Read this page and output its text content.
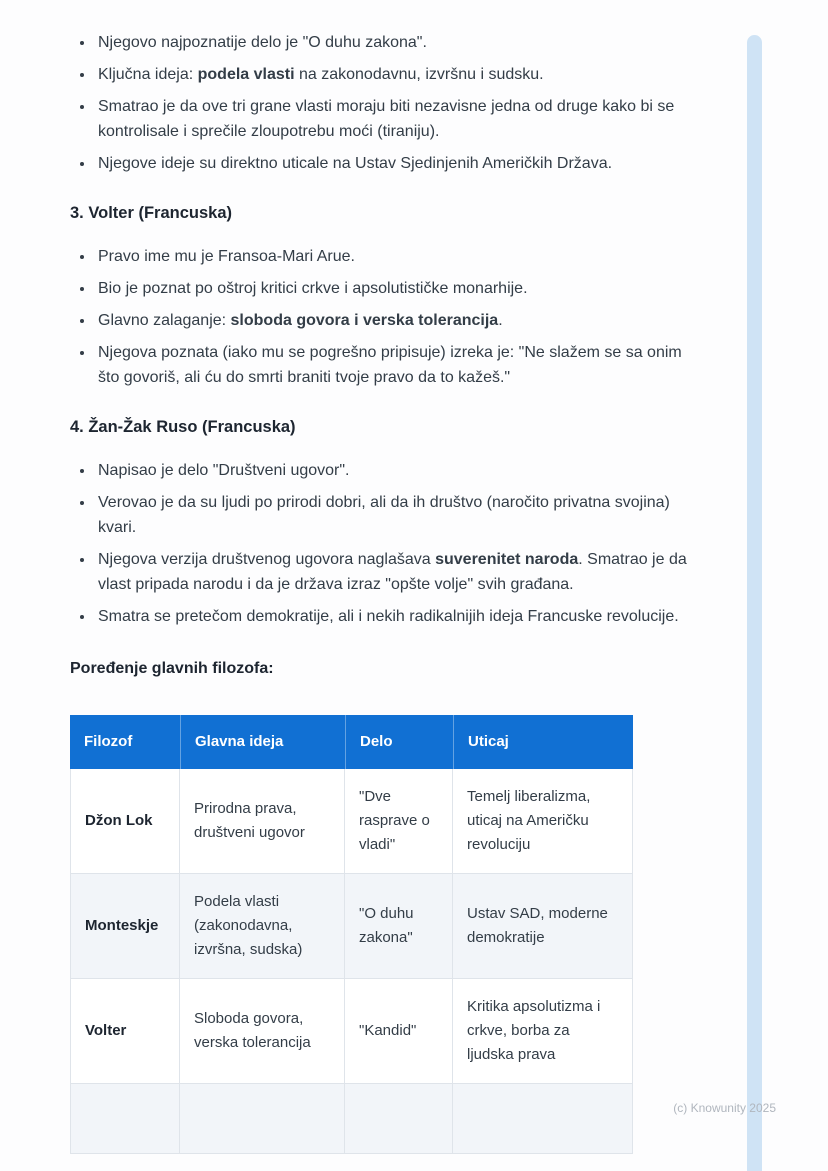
• Njegovo najpoznatije delo je "O duhu zakona".
• Ključna ideja: podela vlasti na zakonodavnu, izvršnu i sudsku.
• Smatrao je da ove tri grane vlasti moraju biti nezavisne jedna od druge kako bi se kontrolisale i sprečile zloupotrebu moći (tiraniju).
• Njegove ideje su direktno uticale na Ustav Sjedinjenih Američkih Država.
3. Volter (Francuska)
• Pravo ime mu je Fransoa-Mari Arue.
• Bio je poznat po oštroj kritici crkve i apsolutističke monarhije.
• Glavno zalaganje: sloboda govora i verska tolerancija.
• Njegova poznata (iako mu se pogrešno pripisuje) izreka je: "Ne slažem se sa onim što govoriš, ali ću do smrti braniti tvoje pravo da to kažeš."
4. Žan-Žak Ruso (Francuska)
• Napisao je delo "Društveni ugovor".
• Verovao je da su ljudi po prirodi dobri, ali da ih društvo (naročito privatna svojina) kvari.
• Njegova verzija društvenog ugovora naglašava suverenitet naroda. Smatrao je da vlast pripada narodu i da je država izraz "opšte volje" svih građana.
• Smatra se pretečom demokratije, ali i nekih radikalnijih ideja Francuske revolucije.

Poređenje glavnih filozofa:

Filozof	Glavna ideja	Delo	Uticaj
Džon Lok	Prirodna prava, društveni ugovor	"Dve rasprave o vladi"	Temelj liberalizma, uticaj na Američku revoluciju
Monteskje	Podela vlasti (zakonodavna, izvršna, sudska)	"O duhu zakona"	Ustav SAD, moderne demokratije
Volter	Sloboda govora, verska tolerancija	"Kandid"	Kritika apsolutizma i crkve, borba za ljudska prava

(c) Knowunity 2025
